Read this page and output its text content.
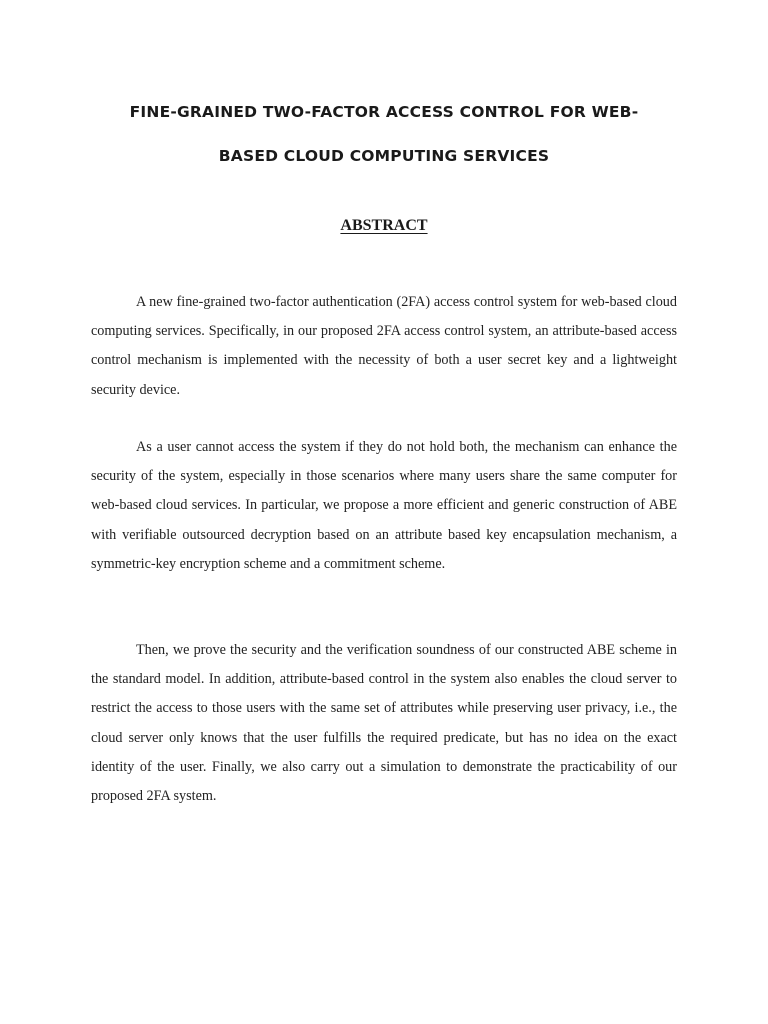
FINE-GRAINED TWO-FACTOR ACCESS CONTROL FOR WEB-
BASED CLOUD COMPUTING SERVICES
ABSTRACT

A new fine-grained two-factor authentication (2FA) access control system for web-based cloud computing services. Specifically, in our proposed 2FA access control system, an attribute-based access control mechanism is implemented with the necessity of both a user secret key and a lightweight security device.

As a user cannot access the system if they do not hold both, the mechanism can enhance the security of the system, especially in those scenarios where many users share the same computer for web-based cloud services. In particular, we propose a more efficient and generic construction of ABE with verifiable outsourced decryption based on an attribute based key encapsulation mechanism, a symmetric-key encryption scheme and a commitment scheme.

Then, we prove the security and the verification soundness of our constructed ABE scheme in the standard model. In addition, attribute-based control in the system also enables the cloud server to restrict the access to those users with the same set of attributes while preserving user privacy, i.e., the cloud server only knows that the user fulfills the required predicate, but has no idea on the exact identity of the user. Finally, we also carry out a simulation to demonstrate the practicability of our proposed 2FA system.
